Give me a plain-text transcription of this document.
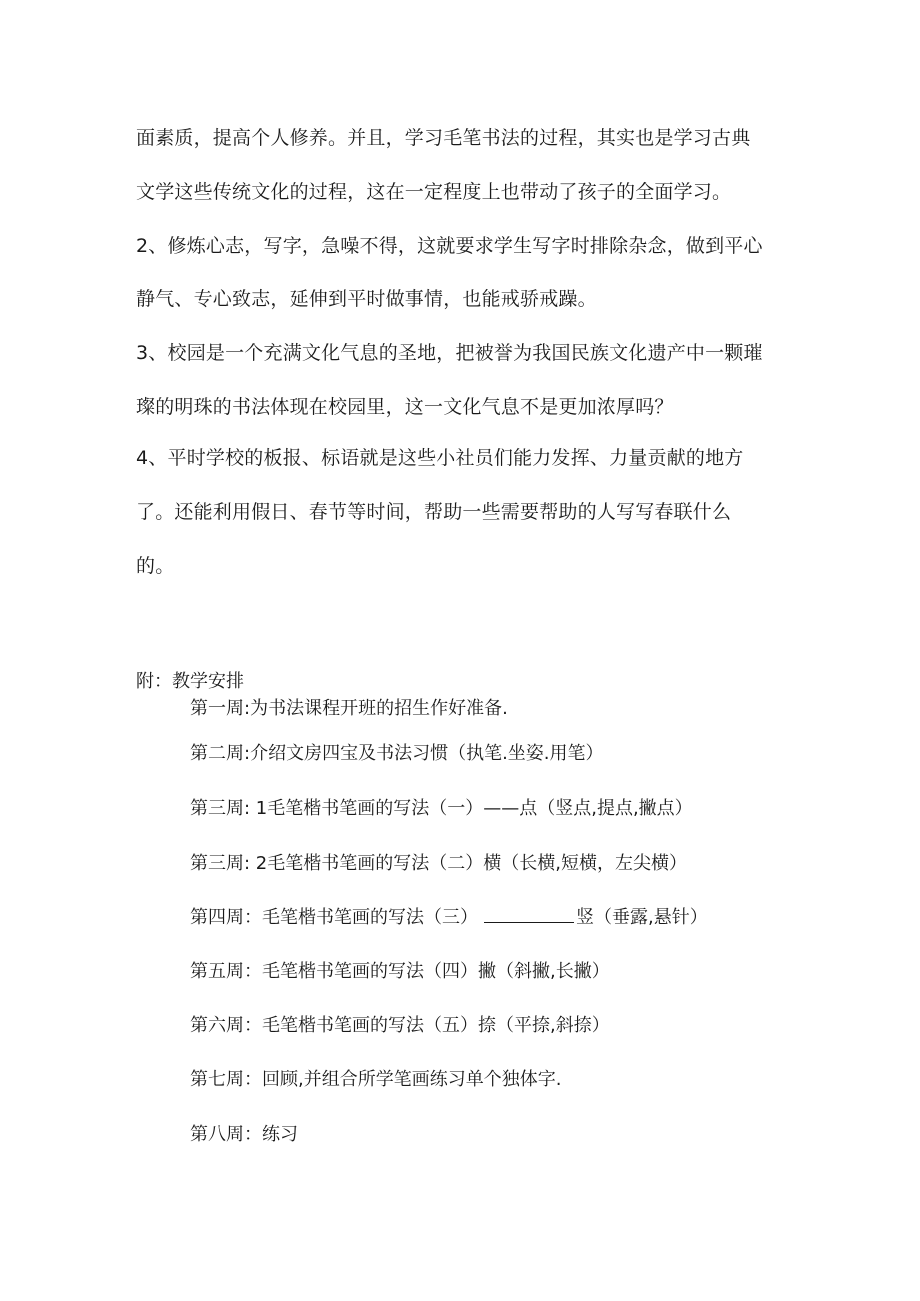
面素质，提高个人修养。并且，学习毛笔书法的过程，其实也是学习古典
文学这些传统文化的过程，这在一定程度上也带动了孩子的全面学习。
2、修炼心志，写字，急噪不得，这就要求学生写字时排除杂念，做到平心
静气、专心致志，延伸到平时做事情，也能戒骄戒躁。
3、校园是一个充满文化气息的圣地，把被誉为我国民族文化遗产中一颗璀
璨的明珠的书法体现在校园里，这一文化气息不是更加浓厚吗？
4、平时学校的板报、标语就是这些小社员们能力发挥、力量贡献的地方
了。还能利用假日、春节等时间，帮助一些需要帮助的人写写春联什么
的。
附：教学安排
第一周:为书法课程开班的招生作好准备.
第二周:介绍文房四宝及书法习惯（执笔.坐姿.用笔）
第三周: 1毛笔楷书笔画的写法（一）——点（竖点,提点,撇点）
第三周: 2毛笔楷书笔画的写法（二）横（长横,短横，左尖横）
第四周：毛笔楷书笔画的写法（三）	竖（垂露,悬针）
第五周：毛笔楷书笔画的写法（四）撇（斜撇,长撇）
第六周：毛笔楷书笔画的写法（五）捺（平捺,斜捺）
第七周：回顾,并组合所学笔画练习单个独体字.
第八周：练习
